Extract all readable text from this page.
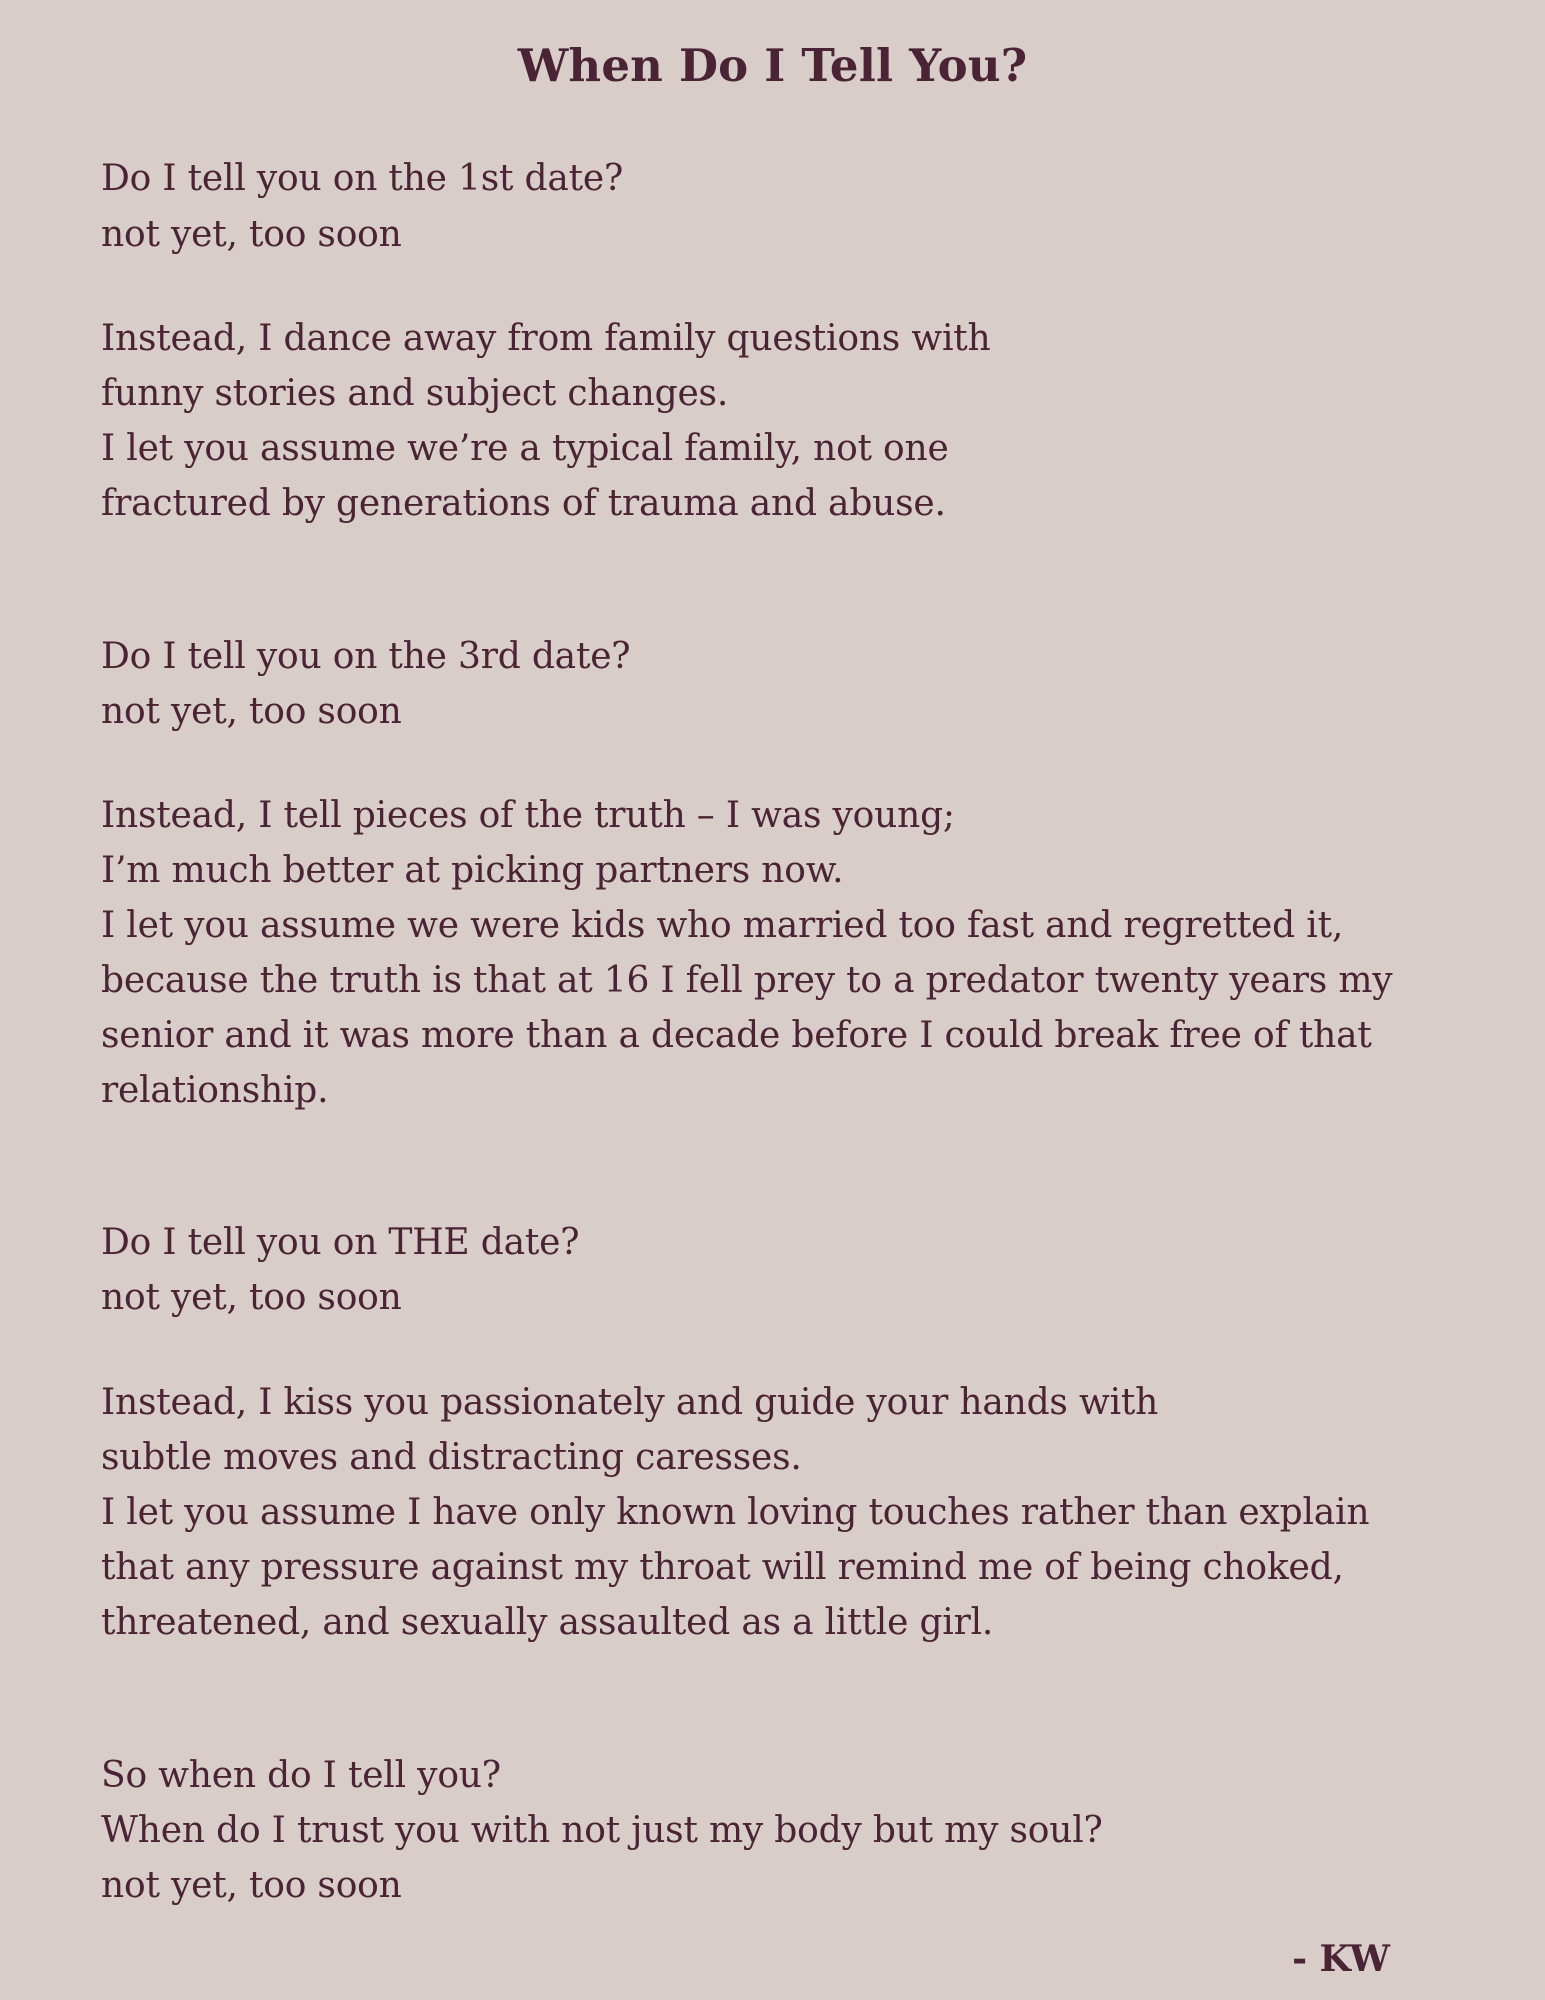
When Do I Tell You?

Do I tell you on the 1st date?

not yet, too soon

Instead, I dance away from family questions with

funny stories and subject changes.

I let you assume we’re a typical family, not one

fractured by generations of trauma and abuse.

Do I tell you on the 3rd date?

not yet, too soon

Instead, I tell pieces of the truth – I was young;

I’m much better at picking partners now.

I let you assume we were kids who married too fast and regretted it,

because the truth is that at 16 I fell prey to a predator twenty years my

senior and it was more than a decade before I could break free of that

relationship.

Do I tell you on THE date?

not yet, too soon

Instead, I kiss you passionately and guide your hands with

subtle moves and distracting caresses.

I let you assume I have only known loving touches rather than explain

that any pressure against my throat will remind me of being choked,

threatened, and sexually assaulted as a little girl.

So when do I tell you?

When do I trust you with not just my body but my soul?

not yet, too soon

- KW
